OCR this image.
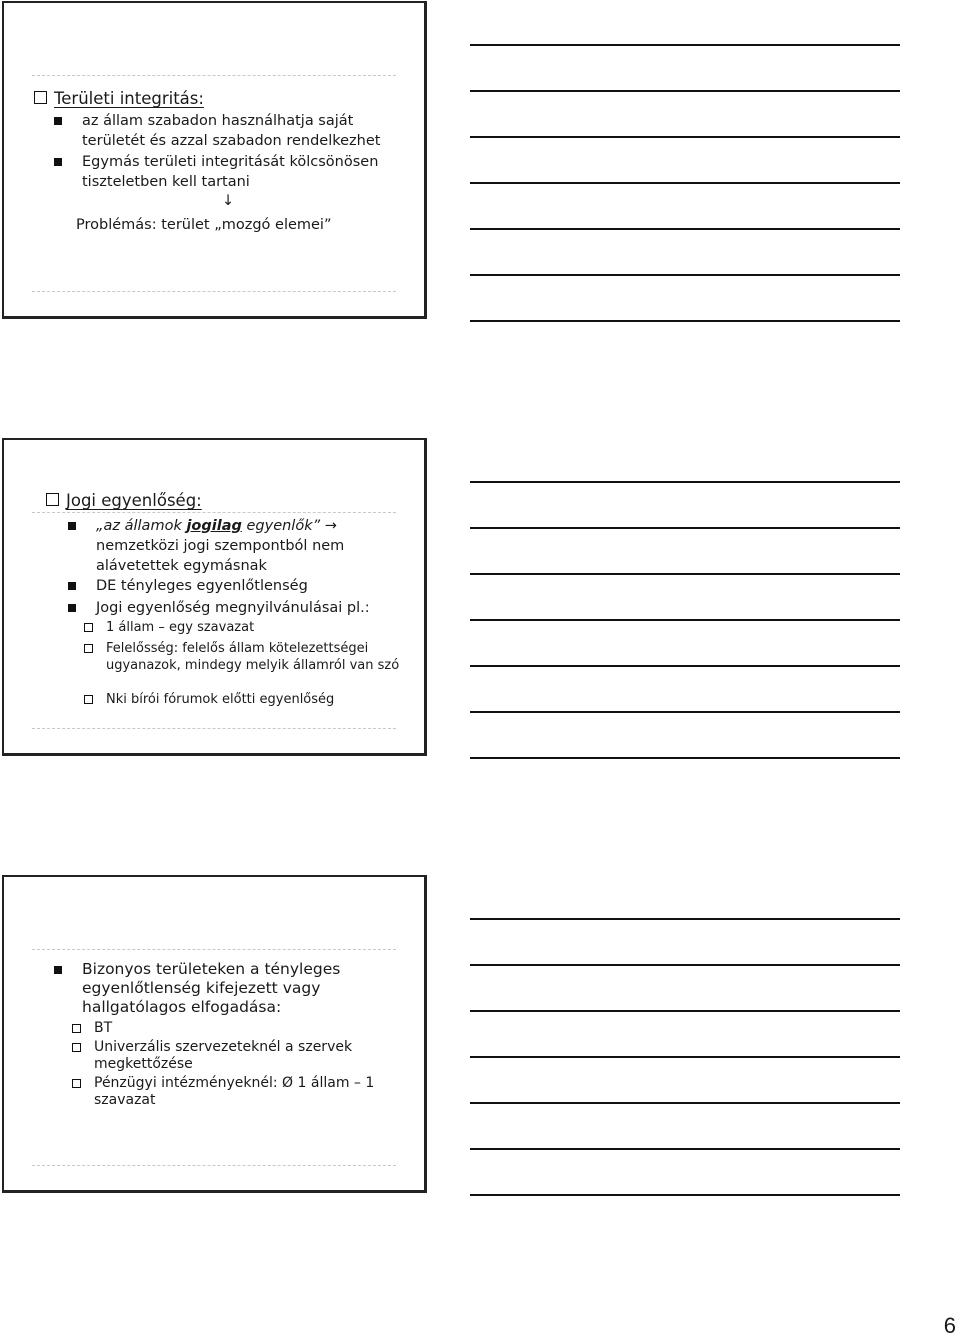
Területi integritás:
az állam szabadon használhatja saját területét és azzal szabadon rendelkezhet
Egymás területi integritását kölcsönösen tiszteletben kell tartani
↓
Problémás: terület „mozgó elemei”
Jogi egyenlőség:
„az államok jogilag egyenlők” →
nemzetközi jogi szempontból nem alávetettek egymásnak
DE tényleges egyenlőtlenség
Jogi egyenlőség megnyilvánulásai pl.:
1 állam – egy szavazat
Felelősség: felelős állam kötelezettségei ugyanazok, mindegy melyik államról van szó
Nki bírói fórumok előtti egyenlőség
Bizonyos területeken a tényleges egyenlőtlenség kifejezett vagy hallgatólagos elfogadása:
BT
Univerzális szervezeteknél a szervek megkettőzése
Pénzügyi intézményeknél: Ø 1 állam – 1 szavazat
6
